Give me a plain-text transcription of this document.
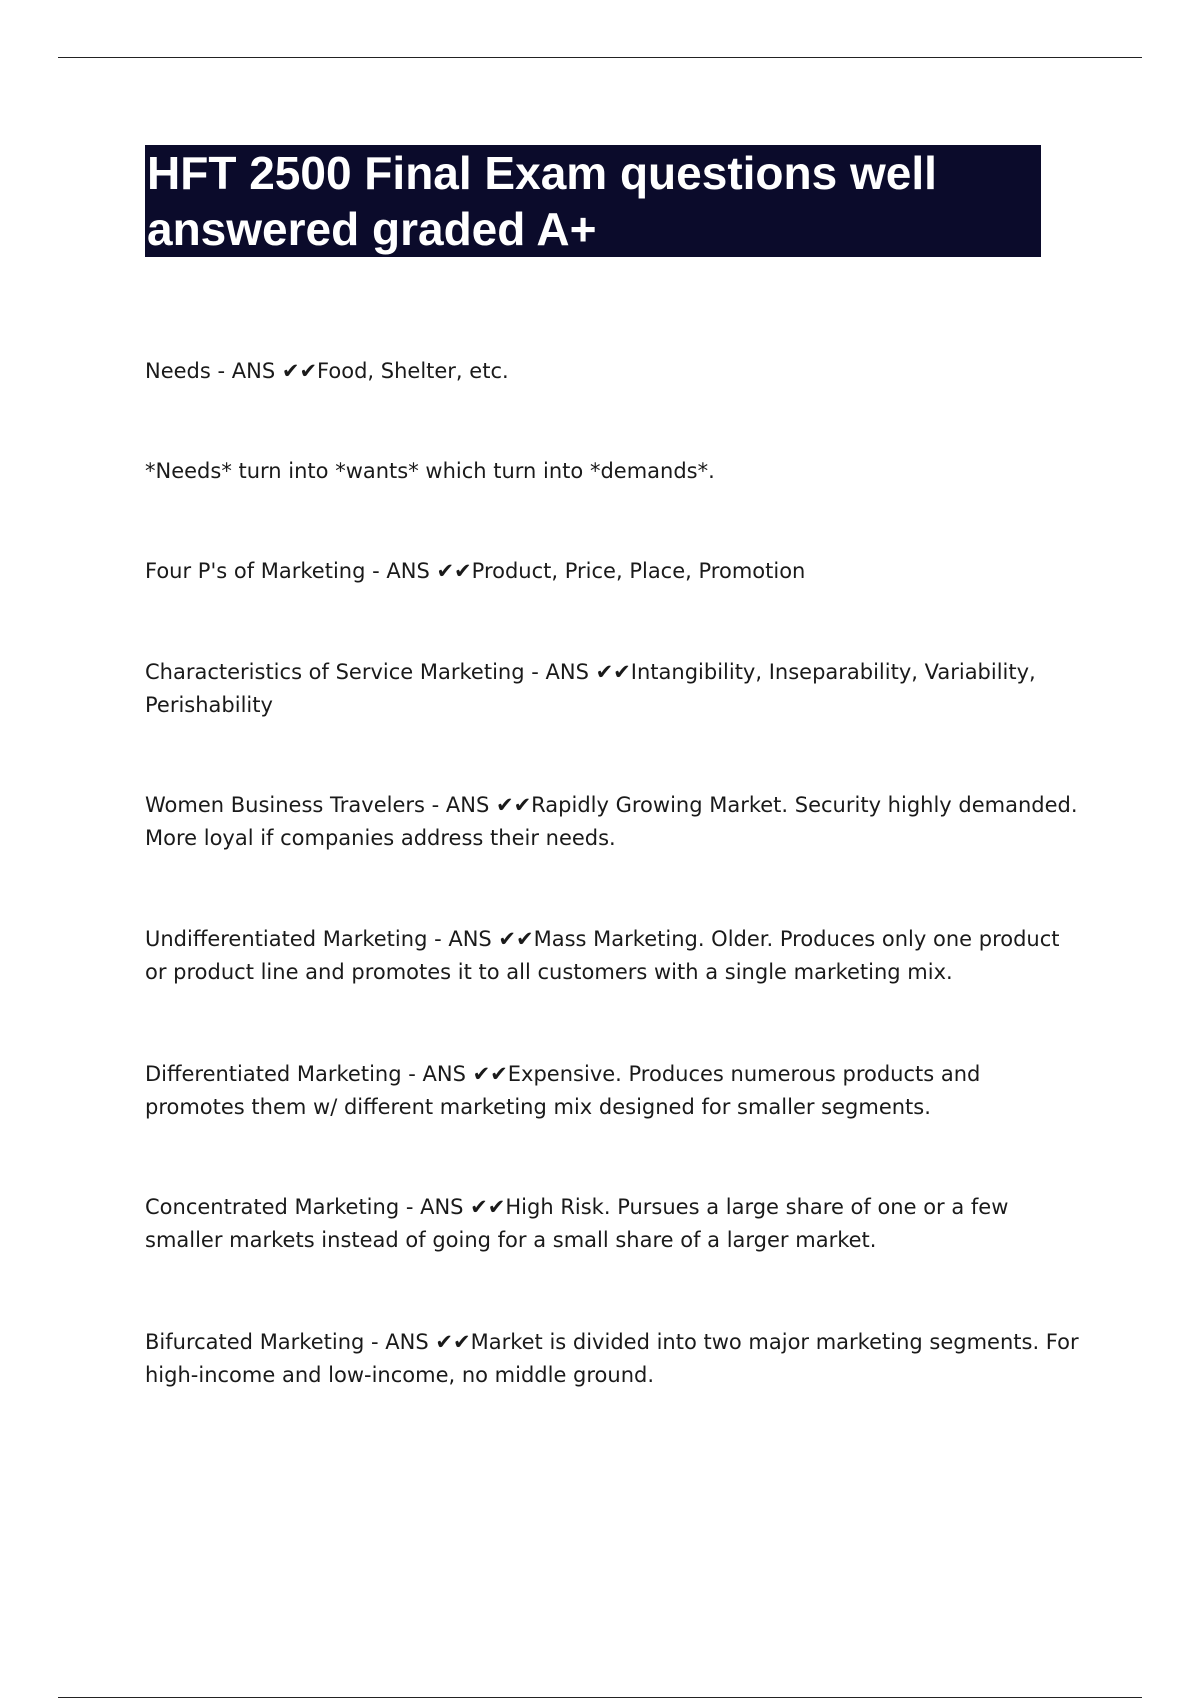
HFT 2500 Final Exam questions well answered graded A+
Needs - ANS ✔✔Food, Shelter, etc.
*Needs* turn into *wants* which turn into *demands*.
Four P's of Marketing - ANS ✔✔Product, Price, Place, Promotion
Characteristics of Service Marketing - ANS ✔✔Intangibility, Inseparability, Variability, Perishability
Women Business Travelers - ANS ✔✔Rapidly Growing Market. Security highly demanded. More loyal if companies address their needs.
Undifferentiated Marketing - ANS ✔✔Mass Marketing. Older. Produces only one product or product line and promotes it to all customers with a single marketing mix.
Differentiated Marketing - ANS ✔✔Expensive. Produces numerous products and promotes them w/ different marketing mix designed for smaller segments.
Concentrated Marketing - ANS ✔✔High Risk. Pursues a large share of one or a few smaller markets instead of going for a small share of a larger market.
Bifurcated Marketing - ANS ✔✔Market is divided into two major marketing segments. For high-income and low-income, no middle ground.
